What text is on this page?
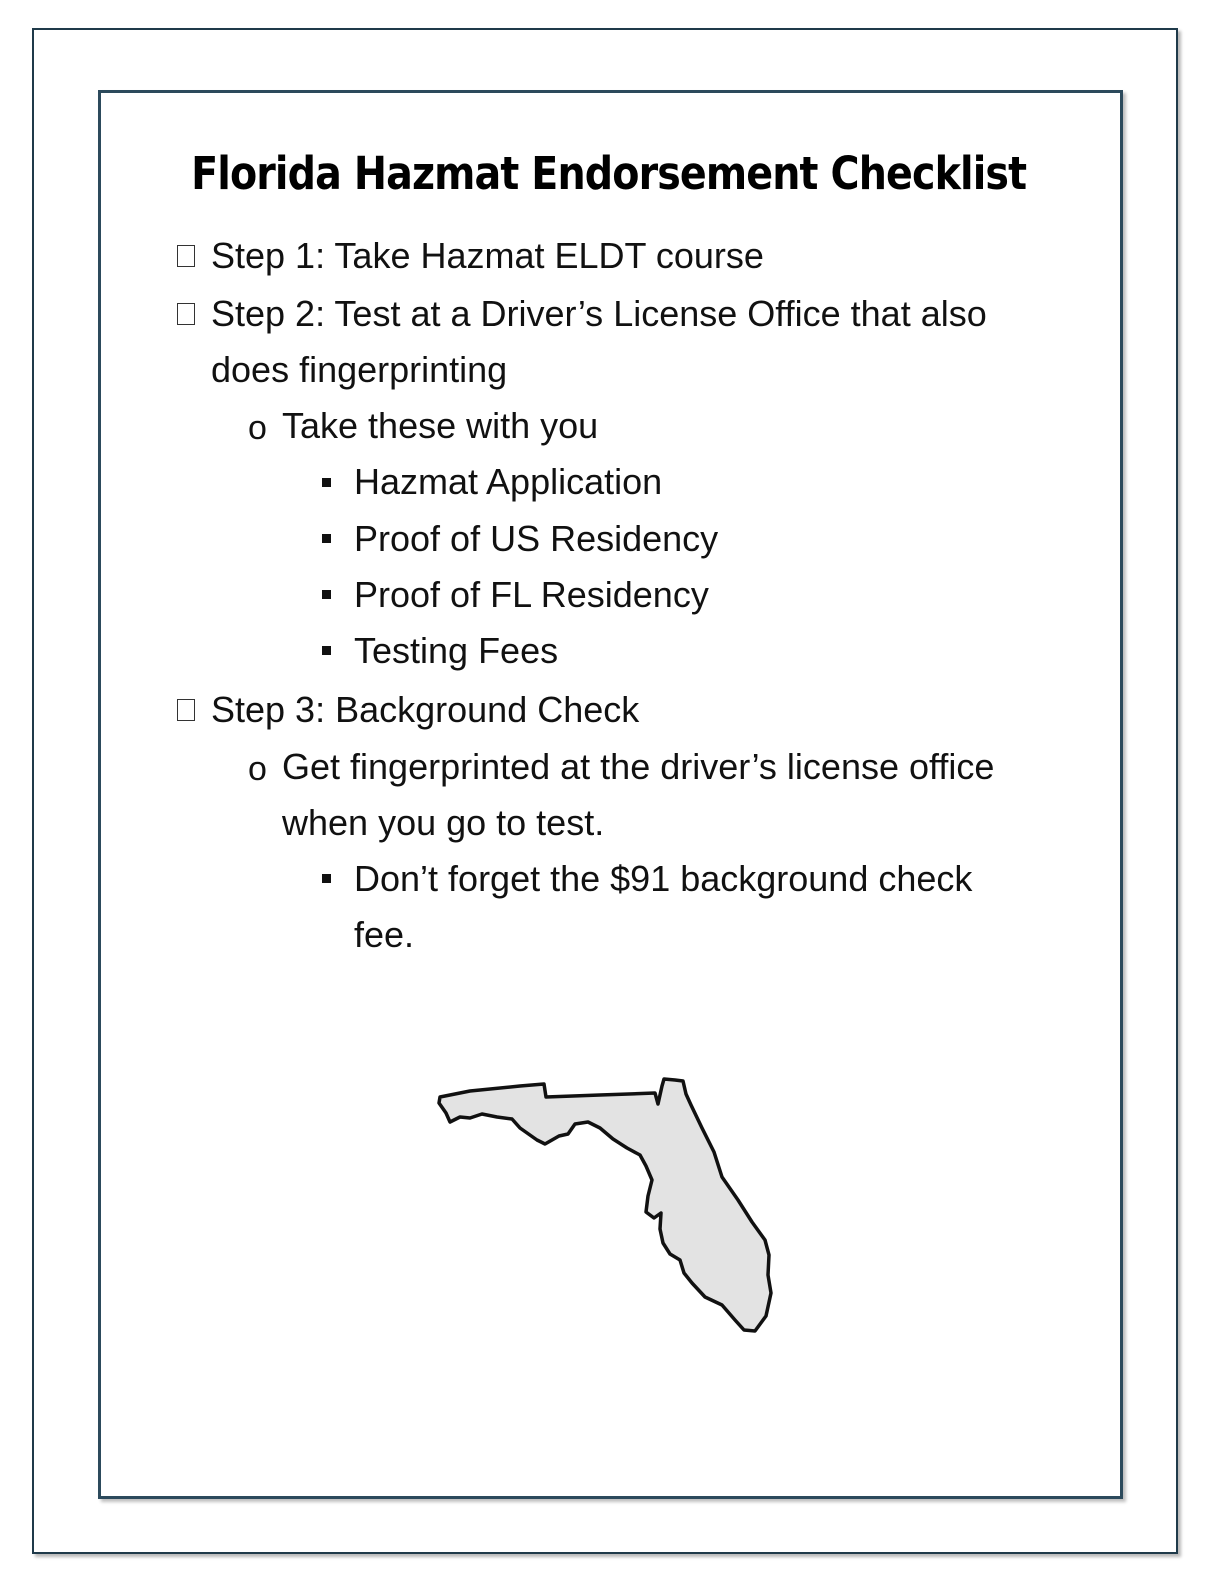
Florida Hazmat Endorsement Checklist
Step 1: Take Hazmat ELDT course
Step 2: Test at a Driver’s License Office that also
does fingerprinting
o Take these with you
Hazmat Application
Proof of US Residency
Proof of FL Residency
Testing Fees
Step 3: Background Check
o Get fingerprinted at the driver’s license office
when you go to test.
Don’t forget the $91 background check
fee.
